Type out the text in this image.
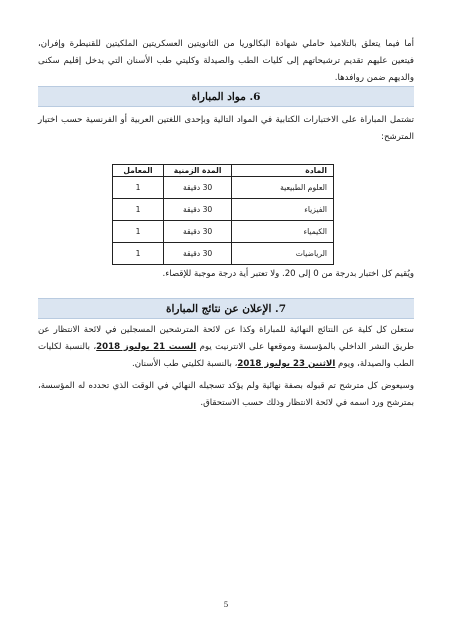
أما فيما يتعلق بالتلاميذ حاملي شهادة البكالوريا من الثانويتين العسكريتين الملكيتين للقنيطرة وإفران، فيتعين عليهم تقديم ترشيحاتهم إلى كليات الطب والصيدلة وكليتي طب الأسنان التي يدخل إقليم سكنى والديهم ضمن روافدها.

6. مواد المباراة

تشتمل المباراة على الاختبارات الكتابية في المواد التالية وبإحدى اللغتين العربية أو الفرنسية حسب اختيار المترشح:

المادة	المدة الزمنية	المعامل
العلوم الطبيعية	30 دقيقة	1
الفيزياء	30 دقيقة	1
الكيمياء	30 دقيقة	1
الرياضيات	30 دقيقة	1

ويُقيم كل اختبار بدرجة من 0 إلى 20. ولا تعتبر أية درجة موجبة للإقصاء.

7. الإعلان عن نتائج المباراة

ستعلن كل كلية عن النتائج النهائية للمباراة وكذا عن لائحة المترشحين المسجلين في لائحة الانتظار عن طريق النشر الداخلي بالمؤسسة وموقعها على الانترنيت يوم السبت 21 يوليوز 2018، بالنسبة لكليات الطب والصيدلة، ويوم الاثنين 23 يوليوز 2018، بالنسبة لكليتي طب الأسنان.

وسيعوض كل مترشح تم قبوله بصفة نهائية ولم يؤكد تسجيله النهائي في الوقت الذي تحدده له المؤسسة، بمترشح ورد اسمه في لائحة الانتظار وذلك حسب الاستحقاق.

5
